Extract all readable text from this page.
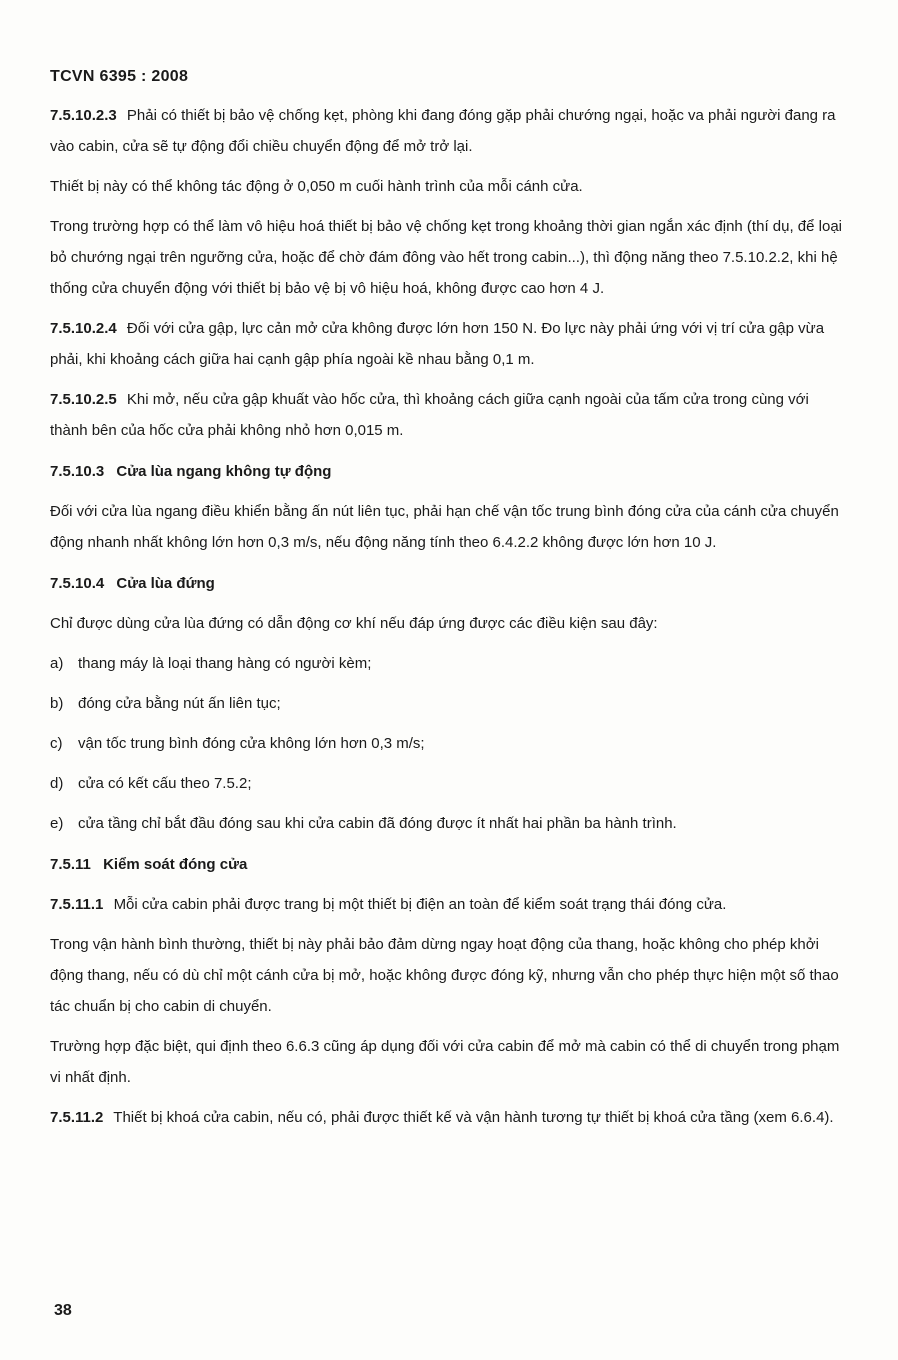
TCVN 6395 : 2008

7.5.10.2.3 Phải có thiết bị bảo vệ chống kẹt, phòng khi đang đóng gặp phải chướng ngại, hoặc va phải người đang ra vào cabin, cửa sẽ tự động đổi chiều chuyển động để mở trở lại.

Thiết bị này có thể không tác động ở 0,050 m cuối hành trình của mỗi cánh cửa.

Trong trường hợp có thể làm vô hiệu hoá thiết bị bảo vệ chống kẹt trong khoảng thời gian ngắn xác định (thí dụ, để loại bỏ chướng ngại trên ngưỡng cửa, hoặc để chờ đám đông vào hết trong cabin...), thì động năng theo 7.5.10.2.2, khi hệ thống cửa chuyển động với thiết bị bảo vệ bị vô hiệu hoá, không được cao hơn 4 J.

7.5.10.2.4 Đối với cửa gập, lực cản mở cửa không được lớn hơn 150 N. Đo lực này phải ứng với vị trí cửa gập vừa phải, khi khoảng cách giữa hai cạnh gập phía ngoài kề nhau bằng 0,1 m.

7.5.10.2.5 Khi mở, nếu cửa gập khuất vào hốc cửa, thì khoảng cách giữa cạnh ngoài của tấm cửa trong cùng với thành bên của hốc cửa phải không nhỏ hơn 0,015 m.

7.5.10.3 Cửa lùa ngang không tự động

Đối với cửa lùa ngang điều khiển bằng ấn nút liên tục, phải hạn chế vận tốc trung bình đóng cửa của cánh cửa chuyển động nhanh nhất không lớn hơn 0,3 m/s, nếu động năng tính theo 6.4.2.2 không được lớn hơn 10 J.

7.5.10.4 Cửa lùa đứng

Chỉ được dùng cửa lùa đứng có dẫn động cơ khí nếu đáp ứng được các điều kiện sau đây:

a) thang máy là loại thang hàng có người kèm;
b) đóng cửa bằng nút ấn liên tục;
c)	vận tốc trung bình đóng cửa không lớn hơn 0,3 m/s;
d) cửa có kết cấu theo 7.5.2;
e) cửa tầng chỉ bắt đầu đóng sau khi cửa cabin đã đóng được ít nhất hai phần ba hành trình.
7.5.11 Kiểm soát đóng cửa

7.5.11.1 Mỗi cửa cabin phải được trang bị một thiết bị điện an toàn để kiểm soát trạng thái đóng cửa.

Trong vận hành bình thường, thiết bị này phải bảo đảm dừng ngay hoạt động của thang, hoặc không cho phép khởi động thang, nếu có dù chỉ một cánh cửa bị mở, hoặc không được đóng kỹ, nhưng vẫn cho phép thực hiện một số thao tác chuẩn bị cho cabin di chuyển.

Trường hợp đặc biệt, qui định theo 6.6.3 cũng áp dụng đối với cửa cabin để mở mà cabin có thể di chuyển trong phạm vi nhất định.

7.5.11.2 Thiết bị khoá cửa cabin, nếu có, phải được thiết kế và vận hành tương tự thiết bị khoá cửa tầng (xem 6.6.4).

38
